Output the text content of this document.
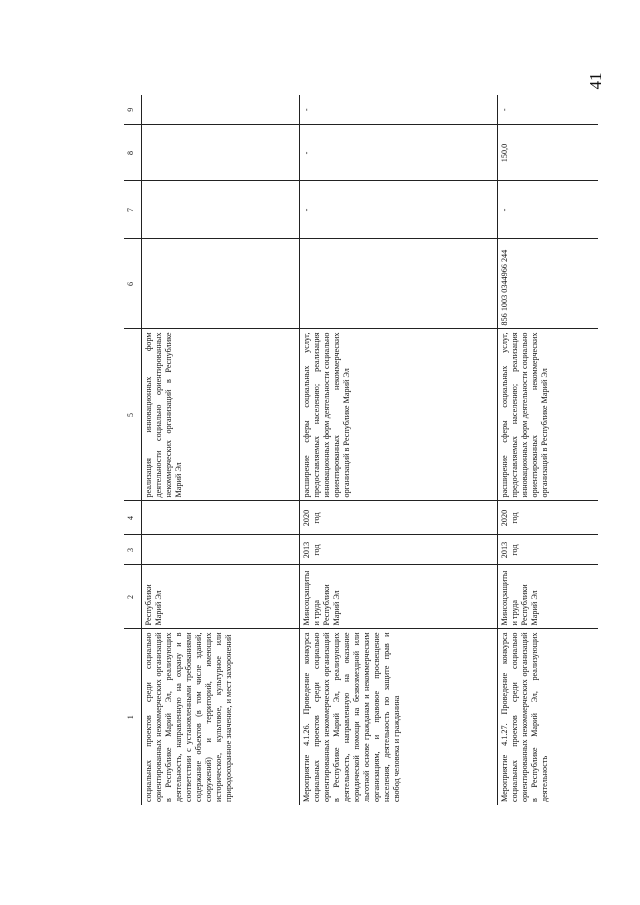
41
1	2	3	4	5	6	7	8	9
социальных проектов среди социально ориентированных некоммерческих организаций в Республике Марий Эл, реализующих деятельность, направленную на охрану и в соответствии с установленными требованиями содержание объектов (в том числе зданий, сооружений) и территорий, имеющих историческое, культовое, культурное или природоохранное значение, и мест захоронений	Республики Марий Эл			реализация инновационных форм деятельности социально ориентированных некоммерческих организаций в Республике Марий Эл				
Мероприятие 4.1.26. Проведение конкурса социальных проектов среди социально ориентированных некоммерческих организаций в Республике Марий Эл, реализующих деятельность, направленную на оказание юридической помощи на безвозмездной или льготной основе гражданам и некоммерческим организациям, и правовое просвещение населения, деятельность по защите прав и свобод человека и гражданина	Минсоцзащиты и труда Республики Марий Эл	2013 год	2020 год	расширение сферы социальных услуг, предоставляемых населению; реализация инновационных форм деятельности социально ориентированных некоммерческих организаций в Республике Марий Эл		-	-	-
Мероприятие 4.1.27. Проведение конкурса социальных проектов среди социально ориентированных некоммерческих организаций в Республике Марий Эл, реализующих деятельность	Минсоцзащиты и труда Республики Марий Эл	2013 год	2020 год	расширение сферы социальных услуг, предоставляемых населению; реализация инновационных форм деятельности социально ориентированных некоммерческих организаций в Республике Марий Эл	856 1003 0344966 244	-	150,0	-
